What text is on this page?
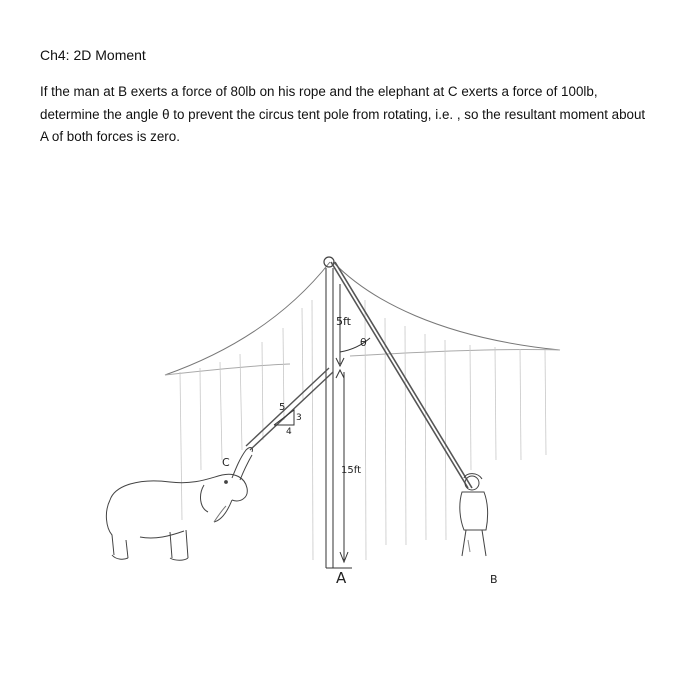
Ch4: 2D Moment
If the man at B exerts a force of 80lb on his rope and the elephant at C exerts a force of 100lb,
determine the angle θ to prevent the circus tent pole from rotating, i.e. , so the resultant moment about
A of both forces is zero.
A	B
C
5ft
15ft
θ
5
3
4
